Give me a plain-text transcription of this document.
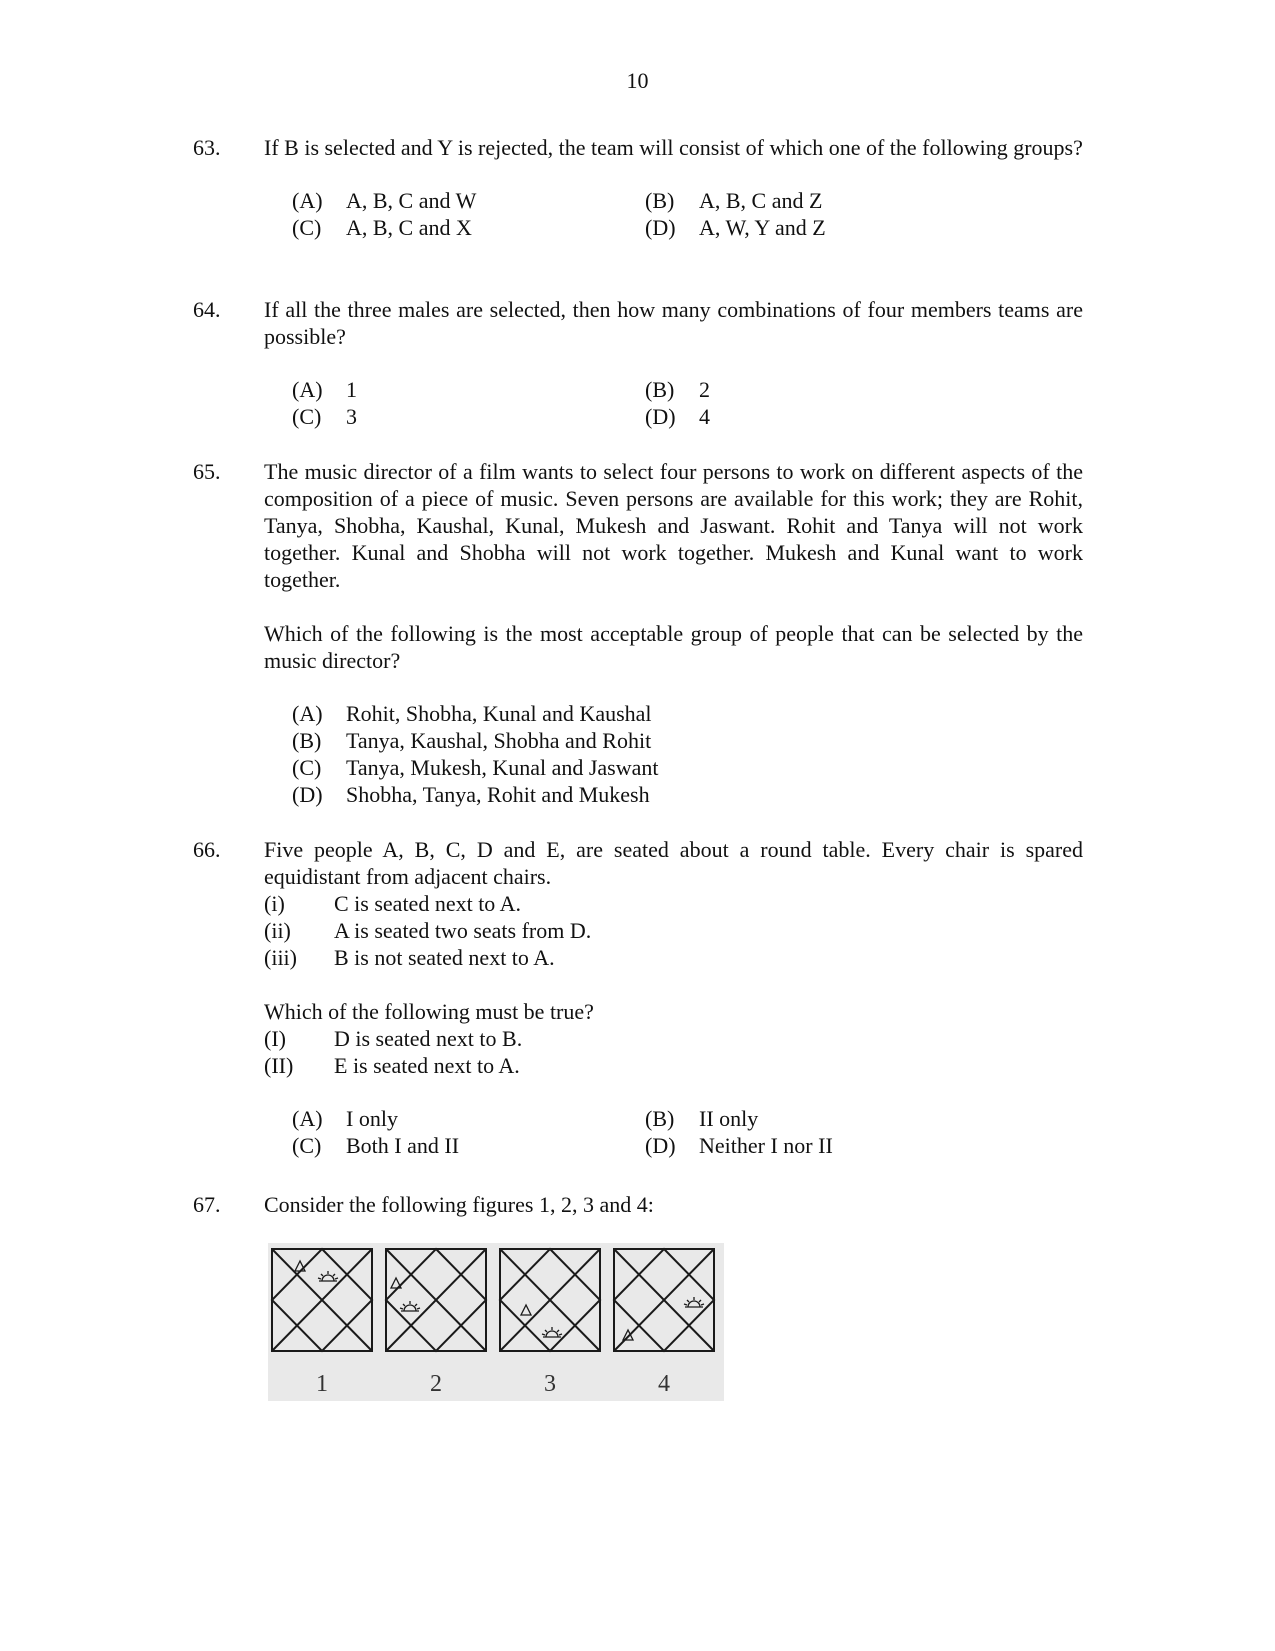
10
63.	If B is selected and Y is rejected, the team will consist of which one of the following groups?
(A) A, B, C and W	(B) A, B, C and Z
(C) A, B, C and X	(D) A, W, Y and Z
64.	If all the three males are selected, then how many combinations of four members teams are possible?
(A) 1	(B) 2
(C) 3	(D) 4
65.	The music director of a film wants to select four persons to work on different aspects of the composition of a piece of music. Seven persons are available for this work; they are Rohit, Tanya, Shobha, Kaushal, Kunal, Mukesh and Jaswant. Rohit and Tanya will not work together. Kunal and Shobha will not work together. Mukesh and Kunal want to work together.
Which of the following is the most acceptable group of people that can be selected by the music director?
(A) Rohit, Shobha, Kunal and Kaushal
(B) Tanya, Kaushal, Shobha and Rohit
(C) Tanya, Mukesh, Kunal and Jaswant
(D) Shobha, Tanya, Rohit and Mukesh
66.	Five people A, B, C, D and E, are seated about a round table. Every chair is spared equidistant from adjacent chairs.
(i) C is seated next to A.
(ii) A is seated two seats from D.
(iii) B is not seated next to A.
Which of the following must be true?
(I) D is seated next to B.
(II) E is seated next to A.
(A) I only	(B) II only
(C) Both I and II	(D) Neither I nor II
67.	Consider the following figures 1, 2, 3 and 4:
1	2	3	4
